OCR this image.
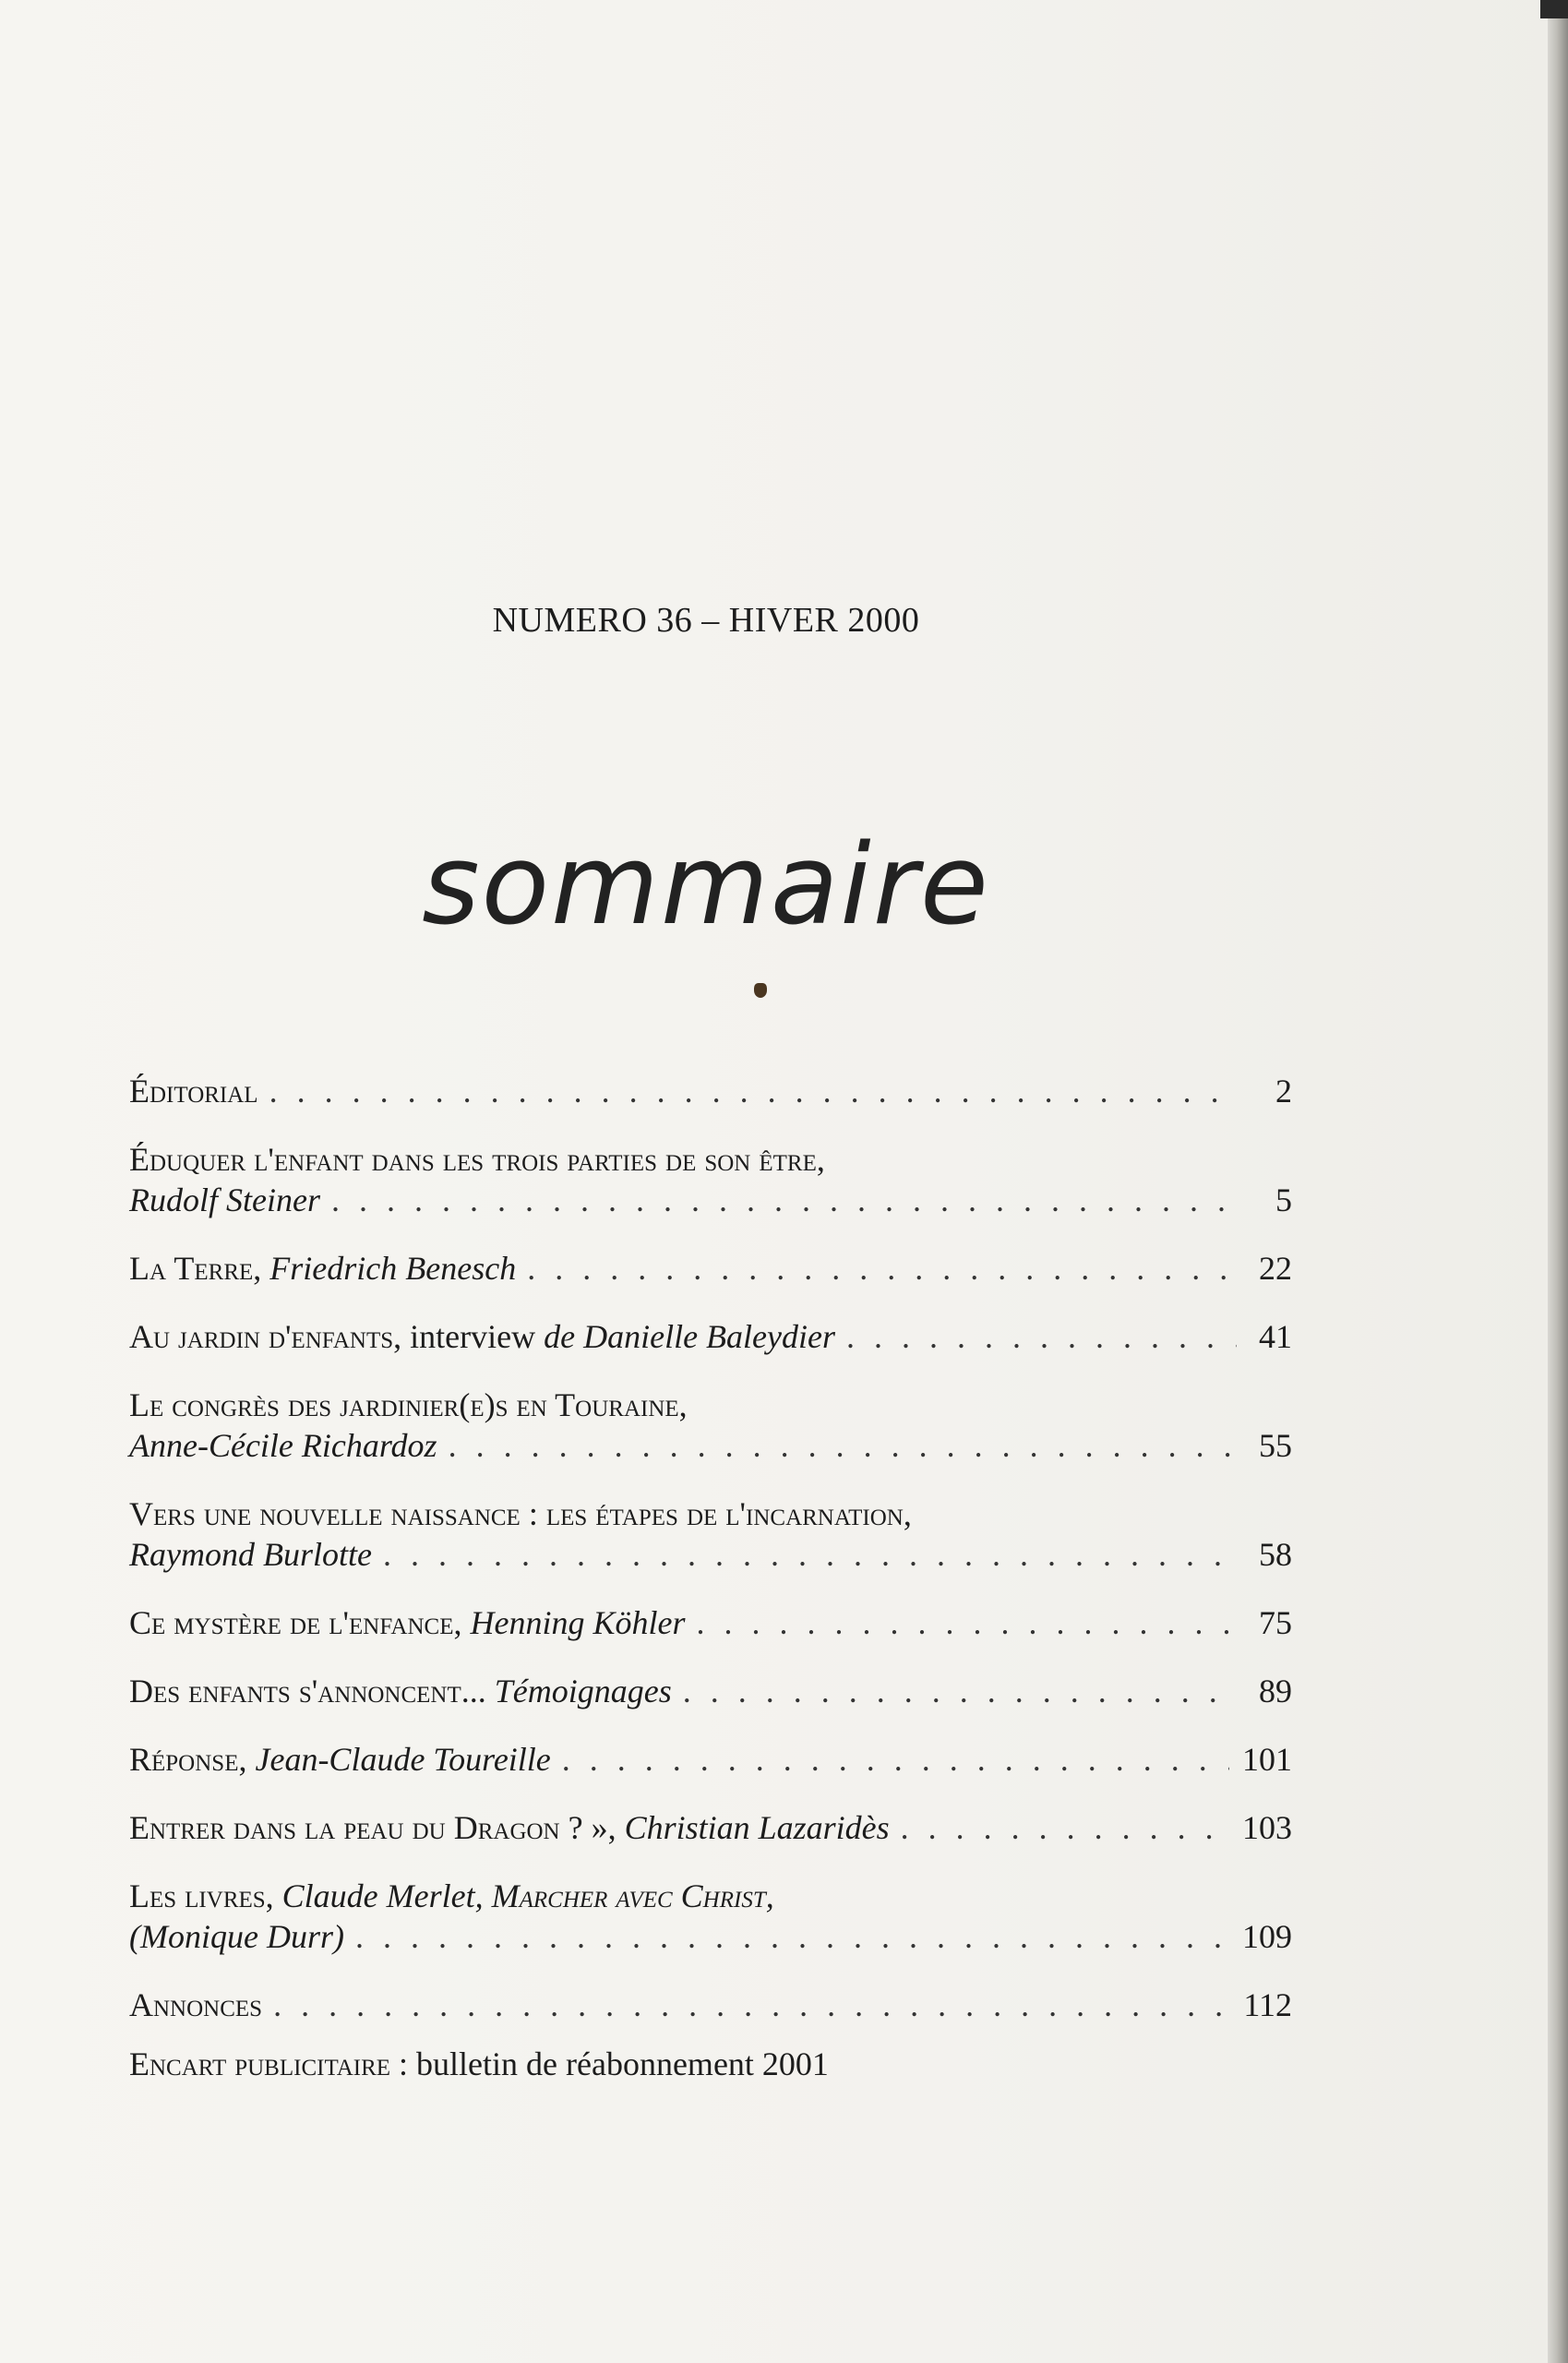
NUMERO 36 – HIVER 2000
sommaire
Éditorial . . .	2
Éduquer l'enfant dans les trois parties de son être,
Rudolf Steiner . . .	5
La Terre, Friedrich Benesch . . .	22
Au jardin d'enfants, interview de Danielle Baleydier . . .	41
Le congrès des jardinier(e)s en Touraine,
Anne-Cécile Richardoz . . .	55
Vers une nouvelle naissance : les étapes de l'incarnation,
Raymond Burlotte . . .	58
Ce mystère de l'enfance, Henning Köhler . . .	75
Des enfants s'annoncent... Témoignages . . .	89
Réponse, Jean-Claude Toureille . . .	101
Entrer dans la peau du Dragon ? », Christian Lazaridès . . .	103
Les livres, Claude Merlet, Marcher avec Christ,
(Monique Durr) . . .	109
Annonces . . .	112
Encart publicitaire : bulletin de réabonnement 2001
